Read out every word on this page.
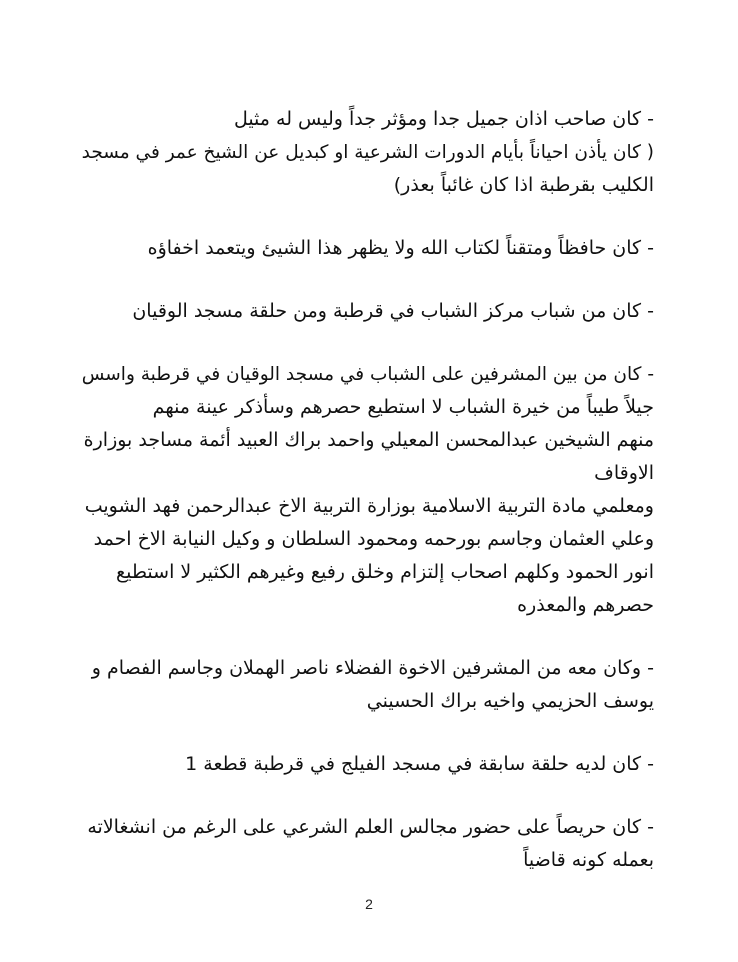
- كان صاحب اذان جميل جدا ومؤثر جداً وليس له مثيل
( كان يأذن احياناً بأيام الدورات الشرعية او كبديل عن الشيخ عمر في مسجد
الكليب بقرطبة اذا كان غائباً بعذر)

- كان حافظاً ومتقناً لكتاب الله ولا يظهر هذا الشيئ ويتعمد اخفاؤه

- كان من شباب مركز الشباب في قرطبة ومن حلقة مسجد الوقيان

- كان من بين المشرفين على الشباب في مسجد الوقيان في قرطبة واسس
جيلاً طيباً من خيرة الشباب لا استطيع حصرهم وسأذكر عينة منهم
منهم الشيخين عبدالمحسن المعيلي واحمد براك العبيد أئمة مساجد بوزارة
الاوقاف
ومعلمي مادة التربية الاسلامية بوزارة التربية الاخ عبدالرحمن فهد الشويب
وعلي العثمان وجاسم بورحمه ومحمود السلطان و وكيل النيابة الاخ احمد
انور الحمود وكلهم اصحاب إلتزام وخلق رفيع وغيرهم الكثير لا استطيع
حصرهم والمعذره

- وكان معه من المشرفين الاخوة الفضلاء ناصر الهملان وجاسم الفصام و
يوسف الحزيمي واخيه براك الحسيني

- كان لديه حلقة سابقة في مسجد الفيلج في قرطبة قطعة 1

- كان حريصاً على حضور مجالس العلم الشرعي على الرغم من انشغالاته
بعمله كونه قاضياً

2
